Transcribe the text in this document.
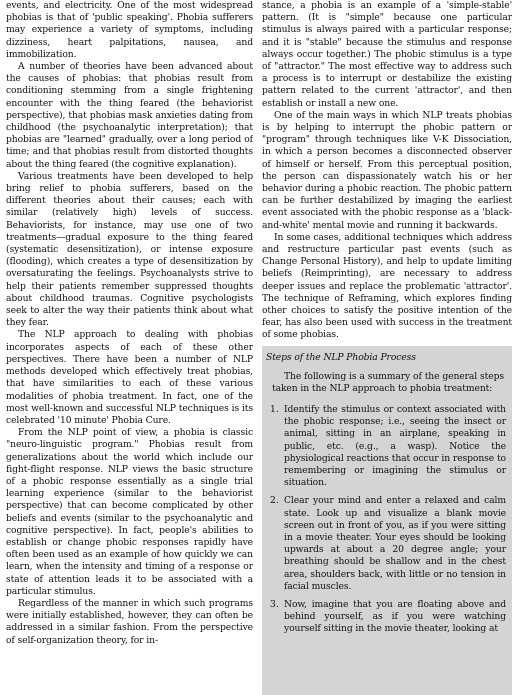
events, and electricity. One of the most widespread phobias is that of 'public speaking'. Phobia sufferers may experience a variety of symptoms, including dizziness, heart palpitations, nausea, and immobilization.

A number of theories have been advanced about the causes of phobias: that phobias result from conditioning stemming from a single frightening encounter with the thing feared (the behaviorist perspective), that phobias mask anxieties dating from childhood (the psychoanalytic interpretation); that phobias are "learned" gradually, over a long period of time; and that phobias result from distorted thoughts about the thing feared (the cognitive explanation).

Various treatments have been developed to help bring relief to phobia sufferers, based on the different theories about their causes; each with similar (relatively high) levels of success. Behaviorists, for instance, may use one of two treatments—gradual exposure to the thing feared (systematic desensitization), or intense exposure (flooding), which creates a type of desensitization by oversaturating the feelings. Psychoanalysts strive to help their patients remember suppressed thoughts about childhood traumas. Cognitive psychologists seek to alter the way their patients think about what they fear.

The NLP approach to dealing with phobias incorporates aspects of each of these other perspectives. There have been a number of NLP methods developed which effectively treat phobias, that have similarities to each of these various modalities of phobia treatment. In fact, one of the most well-known and successful NLP techniques is its celebrated '10 minute' Phobia Cure.

From the NLP point of view, a phobia is classic "neuro-linguistic program." Phobias result from generalizations about the world which include our fight-flight response. NLP views the basic structure of a phobic response essentially as a single trial learning experience (similar to the behaviorist perspective) that can become complicated by other beliefs and events (similar to the psychoanalytic and cognitive perspective). In fact, people's abilities to establish or change phobic responses rapidly have often been used as an example of how quickly we can learn, when the intensity and timing of a response or state of attention leads it to be associated with a particular stimulus.

Regardless of the manner in which such programs were initially established, however, they can often be addressed in a similar fashion. From the perspective of self-organization theory, for in-

stance, a phobia is an example of a 'simple-stable' pattern. (It is "simple" because one particular stimulus is always paired with a particular response; and it is "stable" because the stimulus and response always occur together.) The phobic stimulus is a type of "attractor." The most effective way to address such a process is to interrupt or destabilize the existing pattern related to the current 'attractor', and then establish or install a new one.

One of the main ways in which NLP treats phobias is by helping to interrupt the phobic pattern or "program" through techniques like V-K Dissociation, in which a person becomes a disconnected observer of himself or herself. From this perceptual position, the person can dispassionately watch his or her behavior during a phobic reaction. The phobic pattern can be further destabilized by imaging the earliest event associated with the phobic response as a 'black-and-white' mental movie and running it backwards.

In some cases, additional techniques which address and restructure particular past events (such as Change Personal History), and help to update limiting beliefs (Reimprinting), are necessary to address deeper issues and replace the problematic 'attractor'. The technique of Reframing, which explores finding other choices to satisfy the positive intention of the fear, has also been used with success in the treatment of some phobias.

Steps of the NLP Phobia Process

The following is a summary of the general steps taken in the NLP approach to phobia treatment:

1. Identify the stimulus or context associated with the phobic response; i.e., seeing the insect or animal, sitting in an airplane, speaking in public, etc. (e.g., a wasp). Notice the physiological reactions that occur in response to remembering or imagining the stimulus or situation.

2. Clear your mind and enter a relaxed and calm state. Look up and visualize a blank movie screen out in front of you, as if you were sitting in a movie theater. Your eyes should be looking upwards at about a 20 degree angle; your breathing should be shallow and in the chest area, shoulders back, with little or no tension in facial muscles.

3. Now, imagine that you are floating above and behind yourself, as if you were watching yourself sitting in the movie theater, looking at
